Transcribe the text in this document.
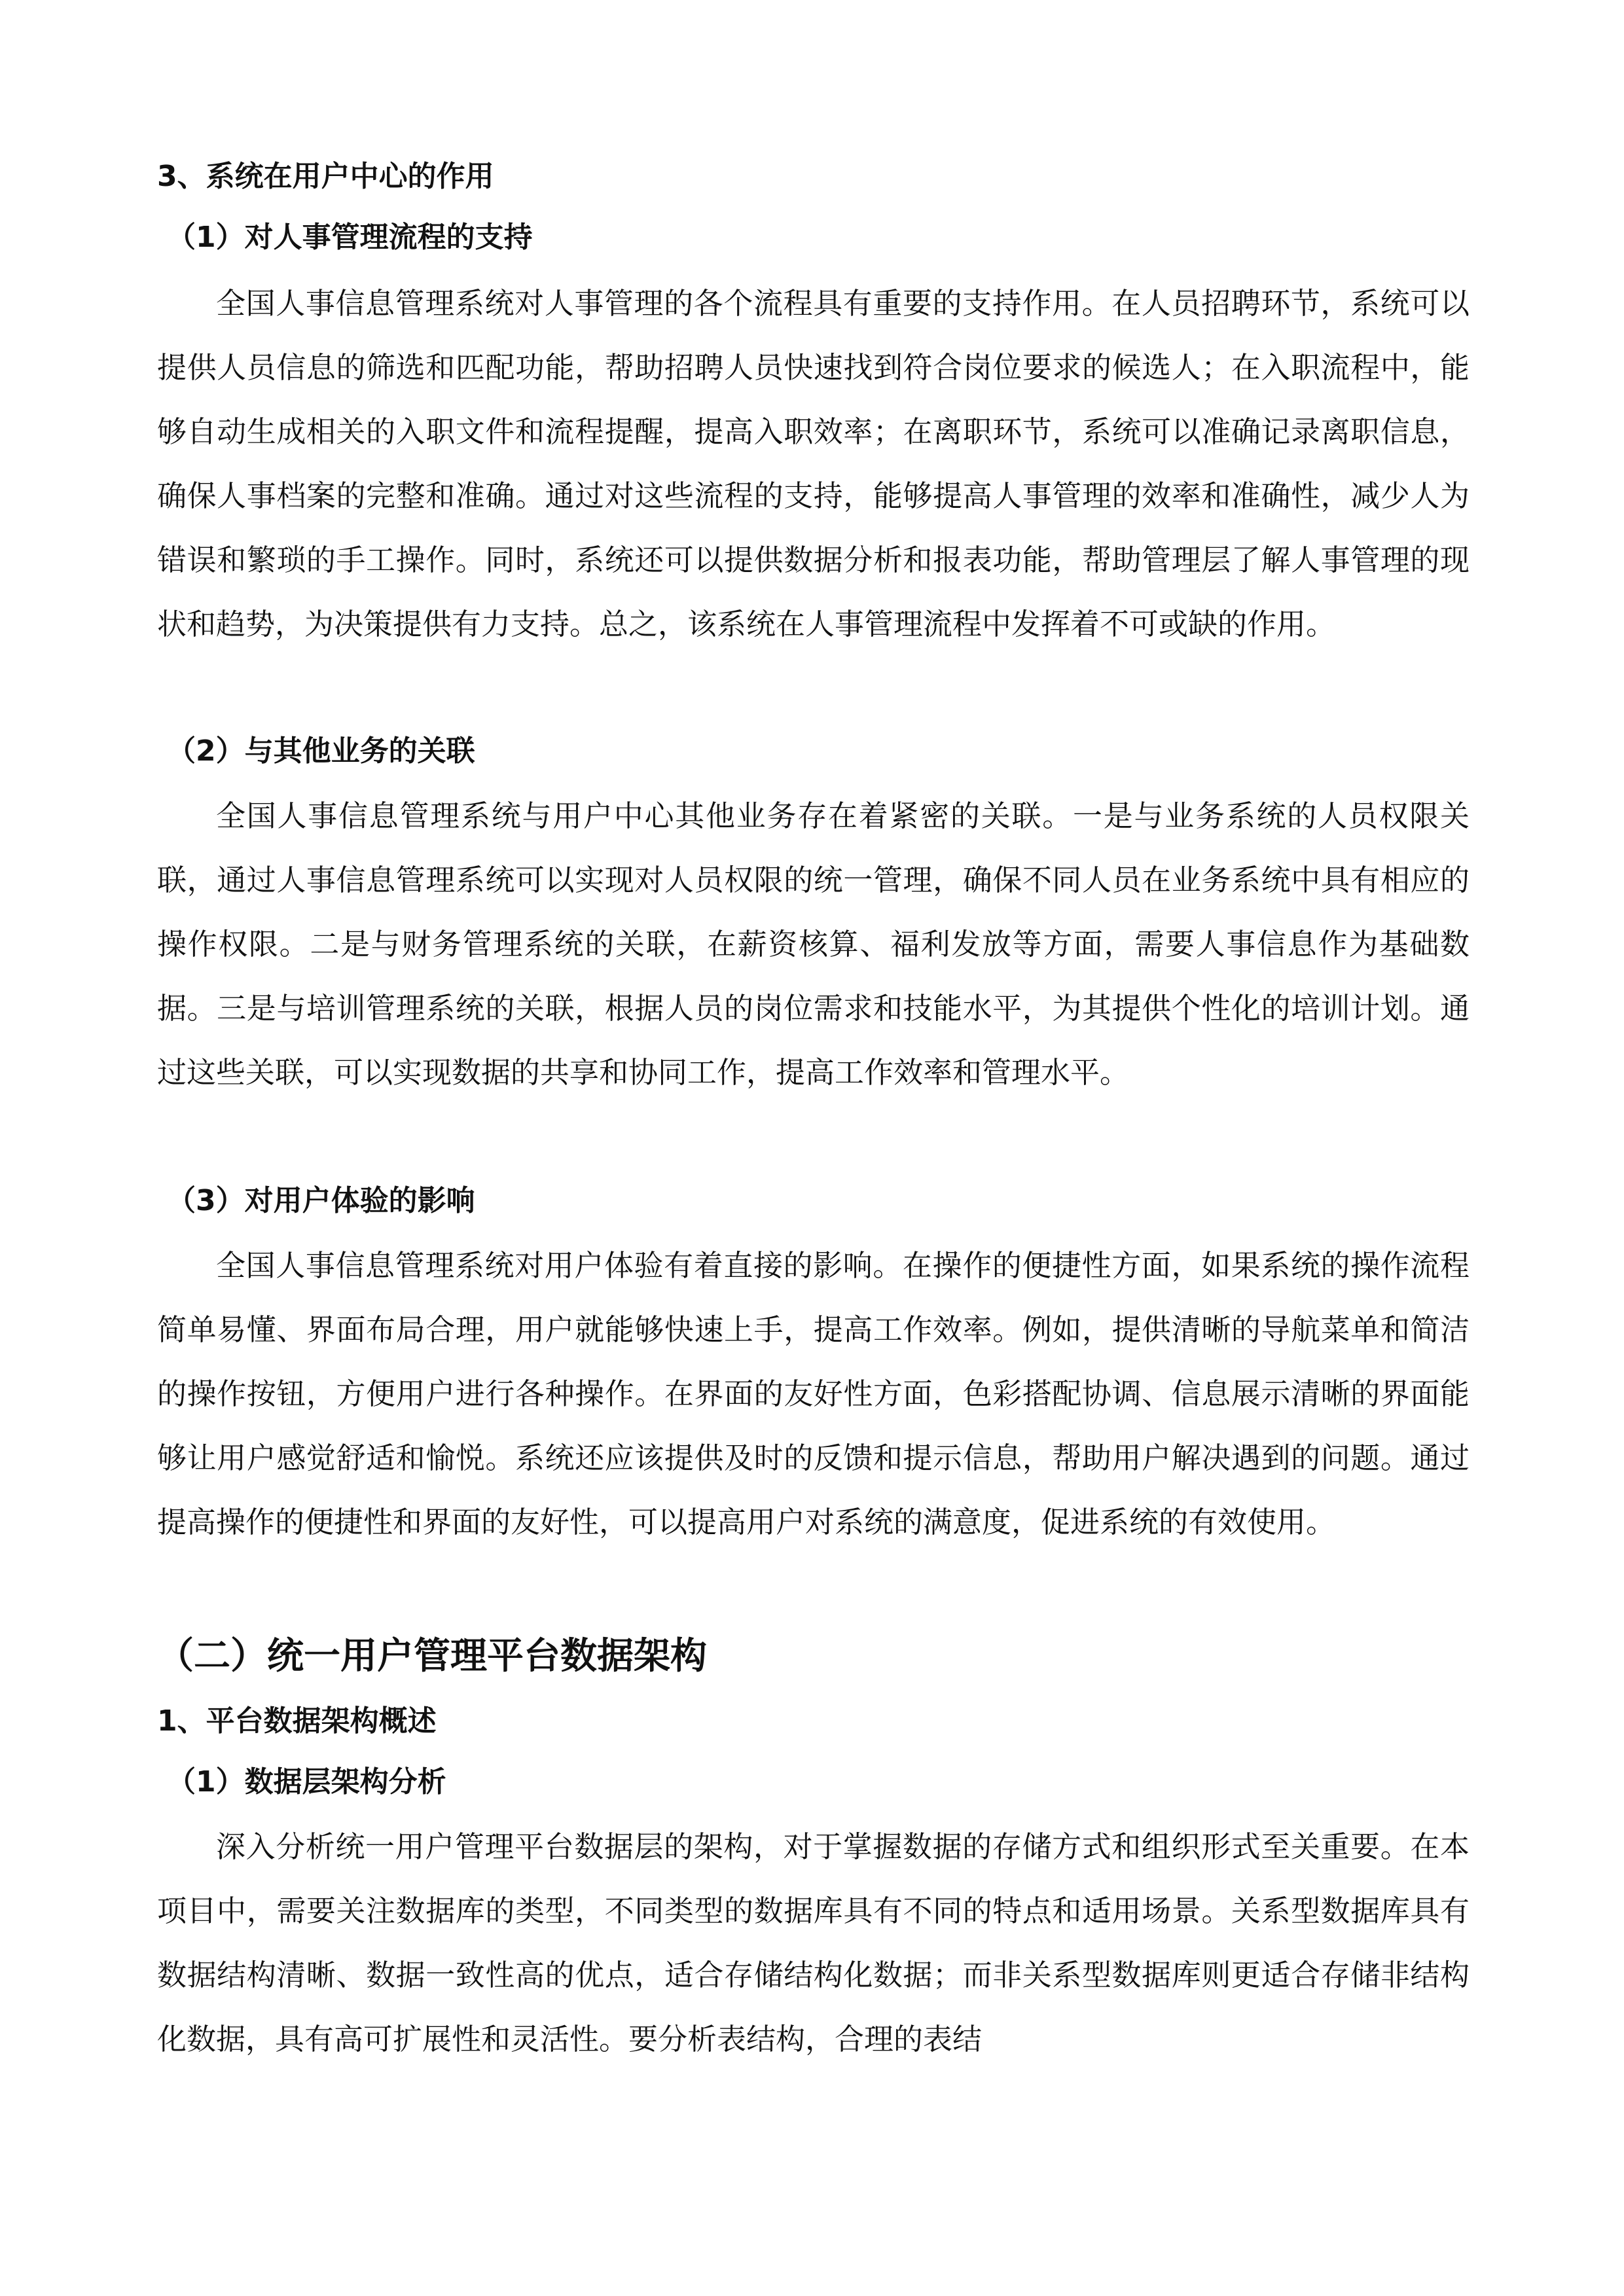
3、系统在用户中心的作用
（1）对人事管理流程的支持

全国人事信息管理系统对人事管理的各个流程具有重要的支持作用。在人员招聘环节，系统可以提供人员信息的筛选和匹配功能，帮助招聘人员快速找到符合岗位要求的候选人；在入职流程中，能够自动生成相关的入职文件和流程提醒，提高入职效率；在离职环节，系统可以准确记录离职信息，确保人事档案的完整和准确。通过对这些流程的支持，能够提高人事管理的效率和准确性，减少人为错误和繁琐的手工操作。同时，系统还可以提供数据分析和报表功能，帮助管理层了解人事管理的现状和趋势，为决策提供有力支持。总之，该系统在人事管理流程中发挥着不可或缺的作用。

（2）与其他业务的关联

全国人事信息管理系统与用户中心其他业务存在着紧密的关联。一是与业务系统的人员权限关联，通过人事信息管理系统可以实现对人员权限的统一管理，确保不同人员在业务系统中具有相应的操作权限。二是与财务管理系统的关联，在薪资核算、福利发放等方面，需要人事信息作为基础数据。三是与培训管理系统的关联，根据人员的岗位需求和技能水平，为其提供个性化的培训计划。通过这些关联，可以实现数据的共享和协同工作，提高工作效率和管理水平。

（3）对用户体验的影响

全国人事信息管理系统对用户体验有着直接的影响。在操作的便捷性方面，如果系统的操作流程简单易懂、界面布局合理，用户就能够快速上手，提高工作效率。例如，提供清晰的导航菜单和简洁的操作按钮，方便用户进行各种操作。在界面的友好性方面，色彩搭配协调、信息展示清晰的界面能够让用户感觉舒适和愉悦。系统还应该提供及时的反馈和提示信息，帮助用户解决遇到的问题。通过提高操作的便捷性和界面的友好性，可以提高用户对系统的满意度，促进系统的有效使用。

（二）统一用户管理平台数据架构
1、平台数据架构概述
（1）数据层架构分析

深入分析统一用户管理平台数据层的架构，对于掌握数据的存储方式和组织形式至关重要。在本项目中，需要关注数据库的类型，不同类型的数据库具有不同的特点和适用场景。关系型数据库具有数据结构清晰、数据一致性高的优点，适合存储结构化数据；而非关系型数据库则更适合存储非结构化数据，具有高可扩展性和灵活性。要分析表结构，合理的表结
